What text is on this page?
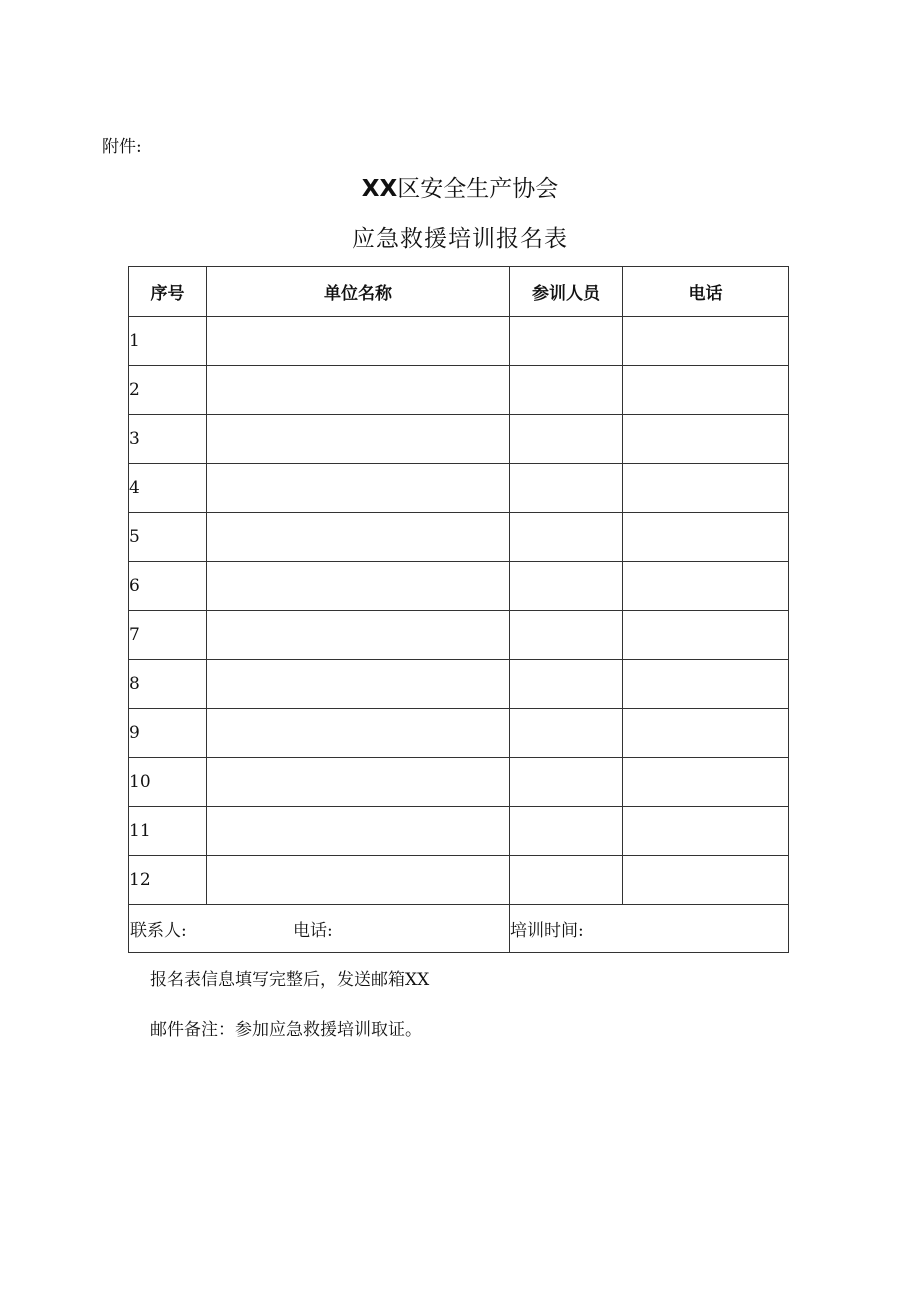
附件:
XX区安全生产协会
应急救援培训报名表
序号	单位名称	参训人员	电话
1			
2			
3			
4			
5			
6			
7			
8			
9			
10			
11			
12			
联系人: 电话:		培训时间:	
报名表信息填写完整后，发送邮箱XX
邮件备注：参加应急救援培训取证。
